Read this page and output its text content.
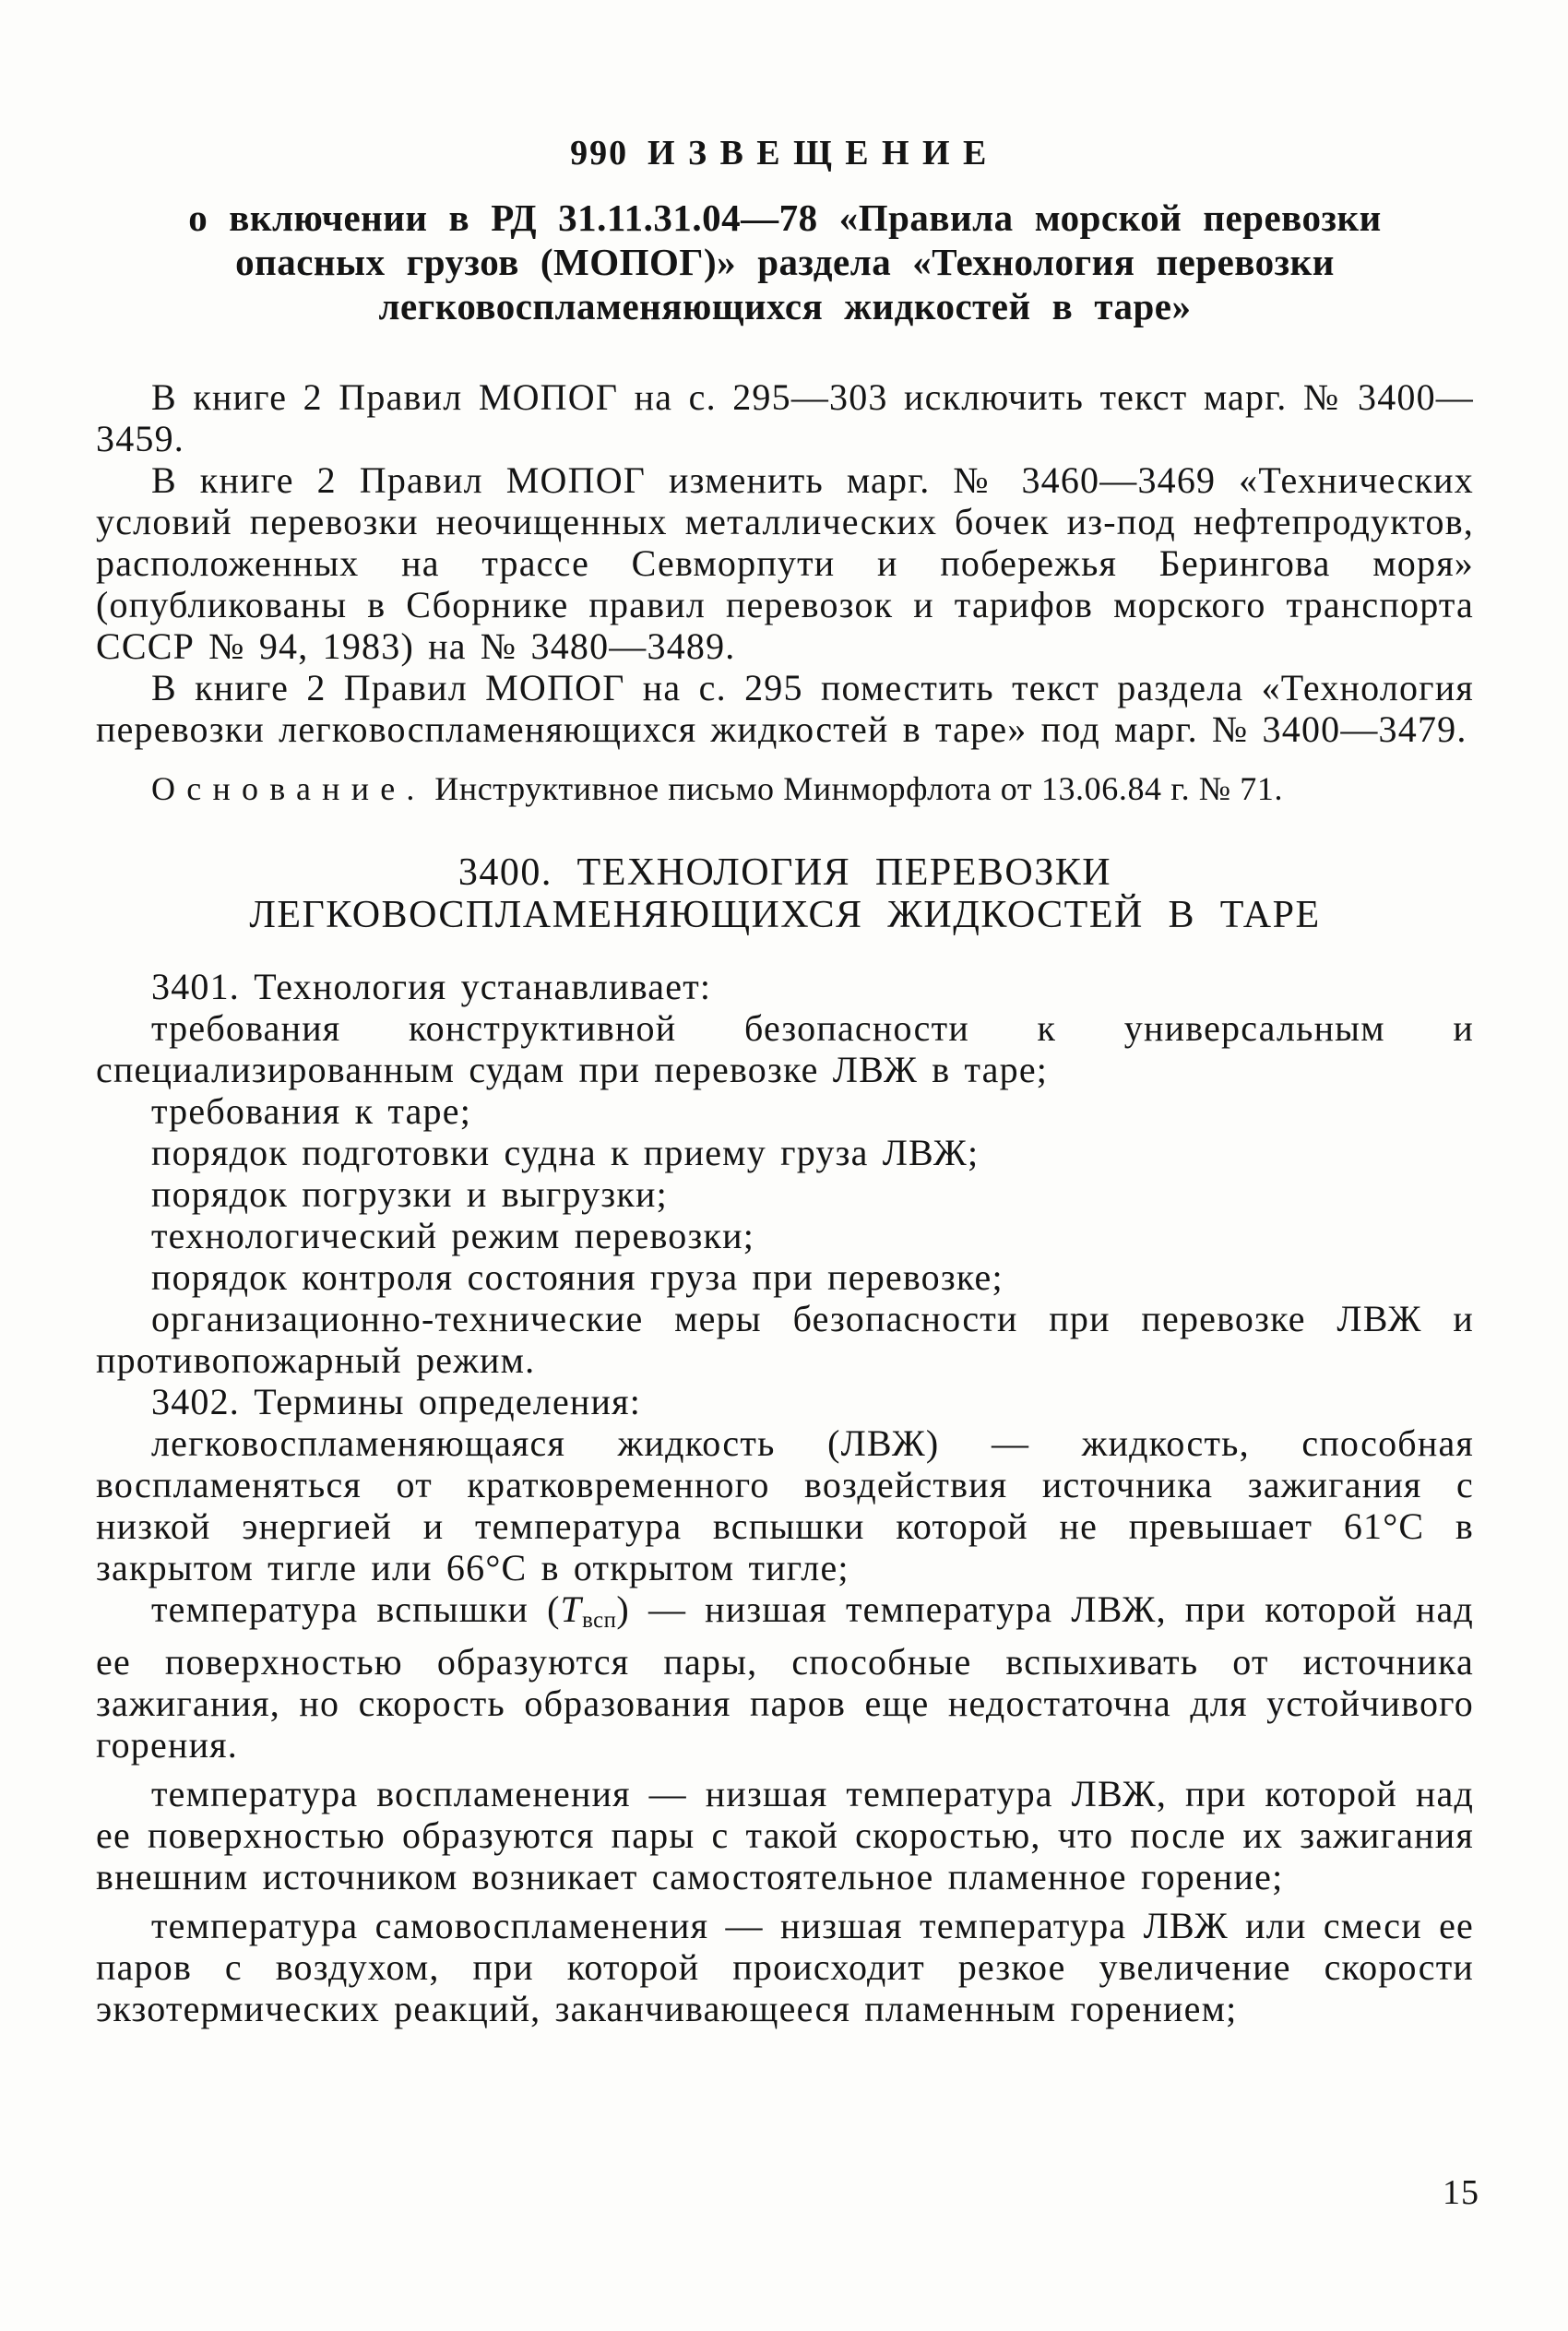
990 ИЗВЕЩЕНИЕ
о включении в РД 31.11.31.04—78 «Правила морской перевозки
опасных грузов (МОПОГ)» раздела «Технология перевозки
легковоспламеняющихся жидкостей в таре»

В книге 2 Правил МОПОГ на с. 295—303 исключить текст марг. № 3400—3459.

В книге 2 Правил МОПОГ изменить марг. № 3460—3469 «Технических условий перевозки неочищенных металлических бочек из-под нефтепродуктов, расположенных на трассе Севморпути и побережья Берингова моря» (опубликованы в Сборнике правил перевозок и тарифов морского транспорта СССР № 94, 1983) на № 3480—3489.

В книге 2 Правил МОПОГ на с. 295 поместить текст раздела «Технология перевозки легковоспламеняющихся жидкостей в таре» под марг. № 3400—3479.

Основание. Инструктивное письмо Минморфлота от 13.06.84 г. № 71.

3400. ТЕХНОЛОГИЯ ПЕРЕВОЗКИ
ЛЕГКОВОСПЛАМЕНЯЮЩИХСЯ ЖИДКОСТЕЙ В ТАРЕ

3401. Технология устанавливает:

требования конструктивной безопасности к универсальным и специализированным судам при перевозке ЛВЖ в таре;

требования к таре;

порядок подготовки судна к приему груза ЛВЖ;

порядок погрузки и выгрузки;

технологический режим перевозки;

порядок контроля состояния груза при перевозке;

организационно-технические меры безопасности при перевозке ЛВЖ и противопожарный режим.

3402. Термины определения:

легковоспламеняющаяся жидкость (ЛВЖ) — жидкость, способная воспламеняться от кратковременного воздействия источника зажигания с низкой энергией и температура вспышки которой не превышает 61°С в закрытом тигле или 66°С в открытом тигле;

температура вспышки $(Т_{всп})$ — низшая температура ЛВЖ, при которой над ее поверхностью образуются пары, способные вспыхивать от источника зажигания, но скорость образования паров еще недостаточна для устойчивого горения.

температура воспламенения — низшая температура ЛВЖ, при которой над ее поверхностью образуются пары с такой скоростью, что после их зажигания внешним источником возникает самостоятельное пламенное горение;

температура самовоспламенения — низшая температура ЛВЖ или смеси ее паров с воздухом, при которой происходит резкое увеличение скорости экзотермических реакций, заканчивающееся пламенным горением;

15
